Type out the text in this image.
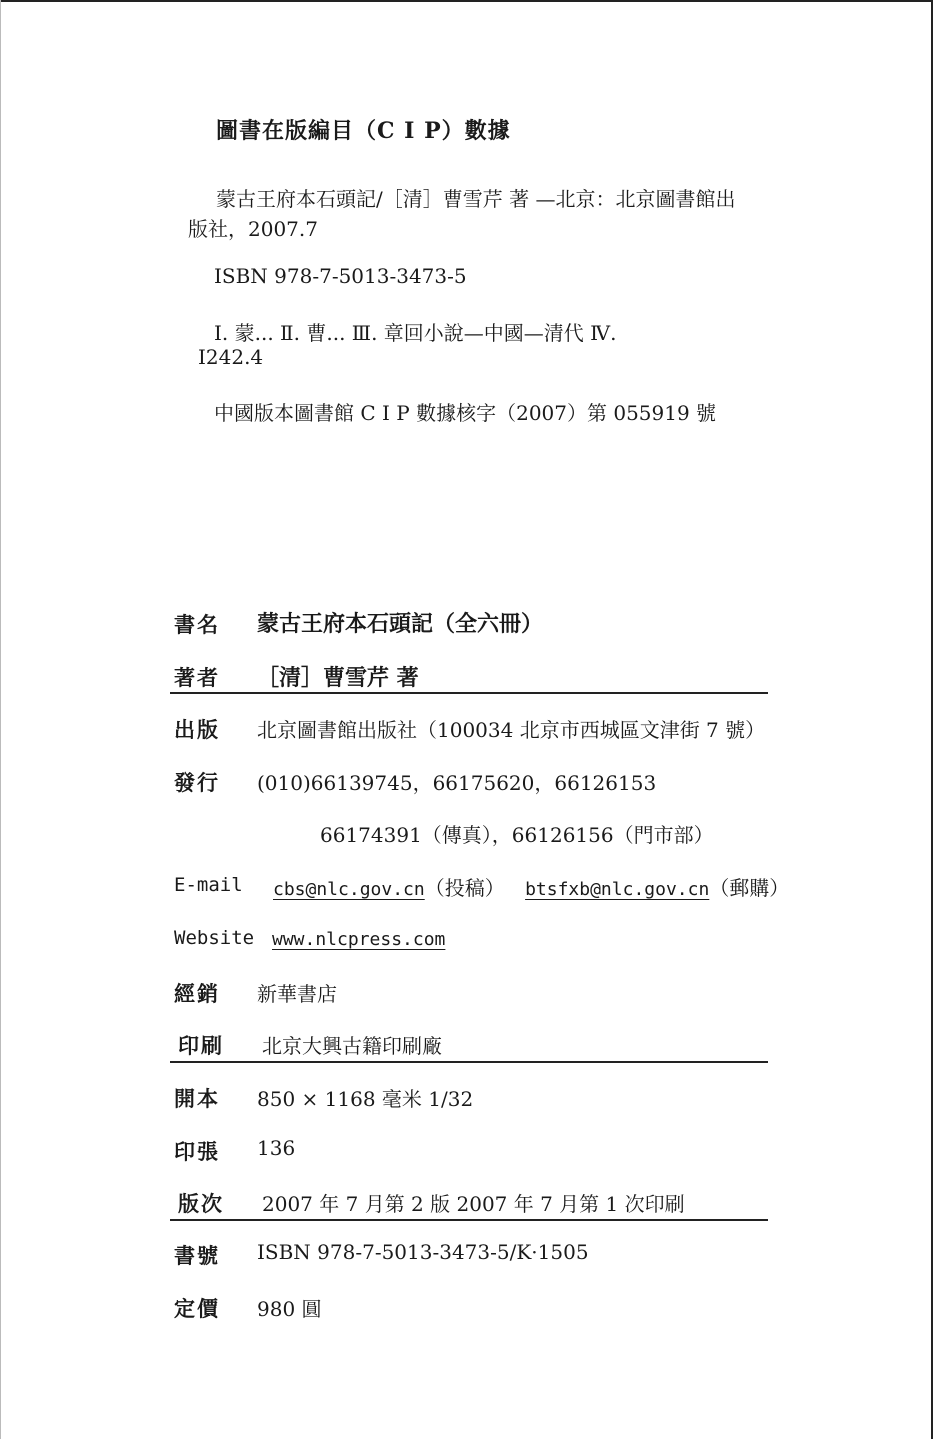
圖書在版編目（C I P）數據
蒙古王府本石頭記/［清］曹雪芹 著 —北京：北京圖書館出
版社，2007.7
ISBN 978-7-5013-3473-5
Ⅰ. 蒙... Ⅱ. 曹... Ⅲ. 章回小說—中國—清代 Ⅳ.
I242.4
中國版本圖書館 C I P 數據核字（2007）第 055919 號
書名 蒙古王府本石頭記（全六冊）
著者 ［清］曹雪芹 著
出版 北京圖書館出版社（100034 北京市西城區文津街 7 號）
發行 (010)66139745，66175620，66126153
66174391（傳真），66126156（門市部）
E-mail cbs@nlc.gov.cn（投稿） btsfxb@nlc.gov.cn（郵購）
Website www.nlcpress.com
經銷 新華書店
印刷 北京大興古籍印刷廠
開本 850 × 1168 毫米 1/32
印張 136
版次 2007 年 7 月第 2 版 2007 年 7 月第 1 次印刷
書號 ISBN 978-7-5013-3473-5/K·1505
定價 980 圓
